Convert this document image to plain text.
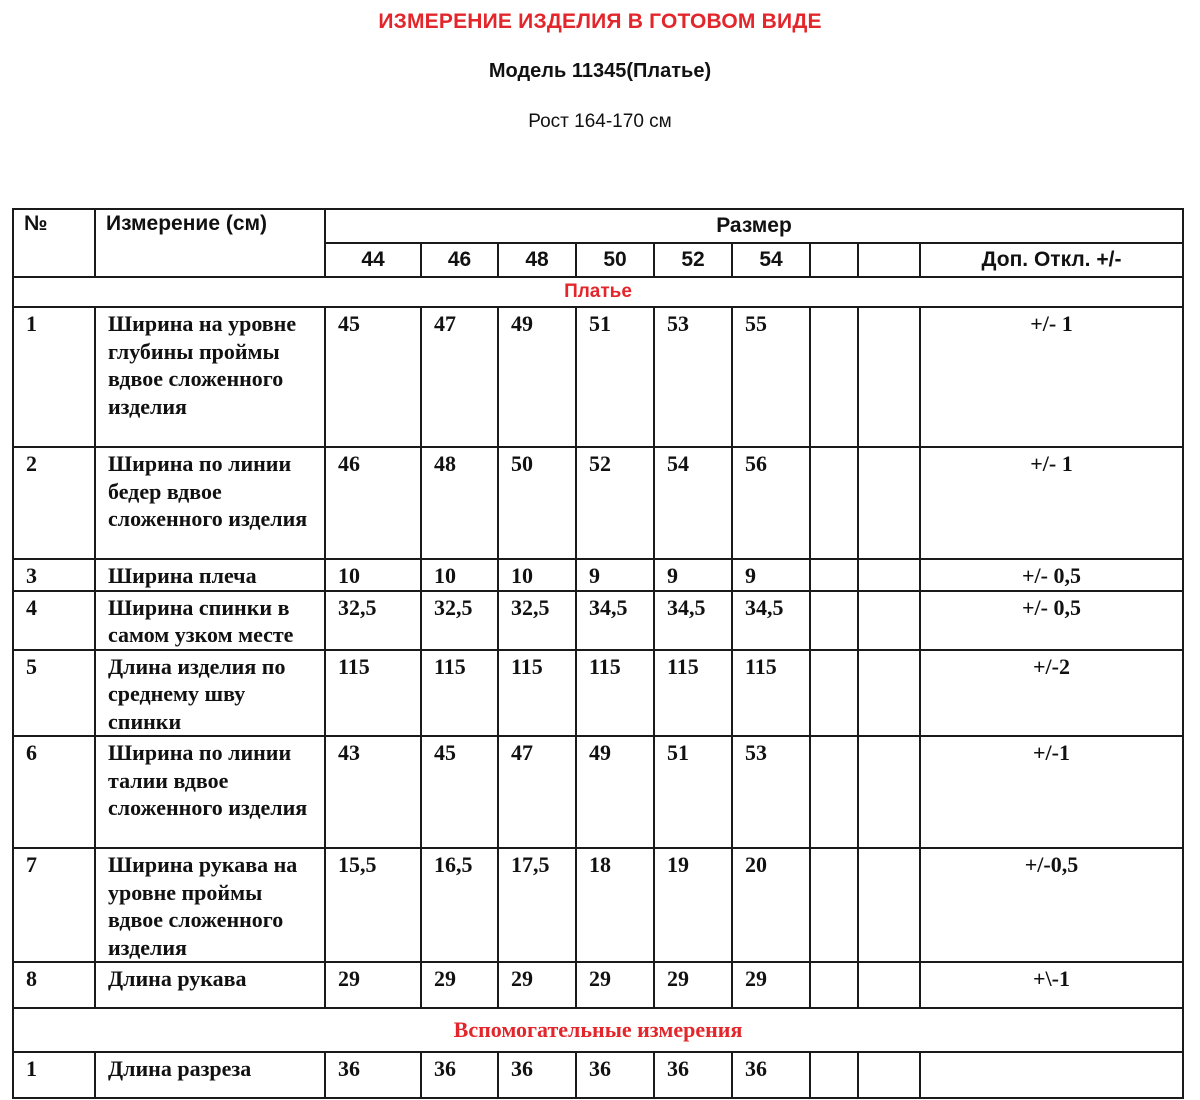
ИЗМЕРЕНИЕ ИЗДЕЛИЯ В ГОТОВОМ ВИДЕ
Модель 11345(Платье)
Рост 164-170 см
№	Измерение (см)	Размер								
		44	46	48	50	52	54			Доп. Откл. +/-
Платье										
1	Ширина на уровне глубины проймы вдвое сложенного изделия	45	47	49	51	53	55			+/- 1
2	Ширина по линии бедер вдвое сложенного изделия	46	48	50	52	54	56			+/- 1
3	Ширина плеча	10	10	10	9	9	9			+/- 0,5
4	Ширина спинки в самом узком месте	32,5	32,5	32,5	34,5	34,5	34,5			+/- 0,5
5	Длина изделия по среднему шву спинки	115	115	115	115	115	115			+/-2
6	Ширина по линии талии вдвое сложенного изделия	43	45	47	49	51	53			+/-1
7	Ширина рукава на уровне проймы вдвое сложенного изделия	15,5	16,5	17,5	18	19	20			+/-0,5
8	Длина рукава	29	29	29	29	29	29			+\-1
Вспомогательные измерения										
1	Длина разреза	36	36	36	36	36	36			
